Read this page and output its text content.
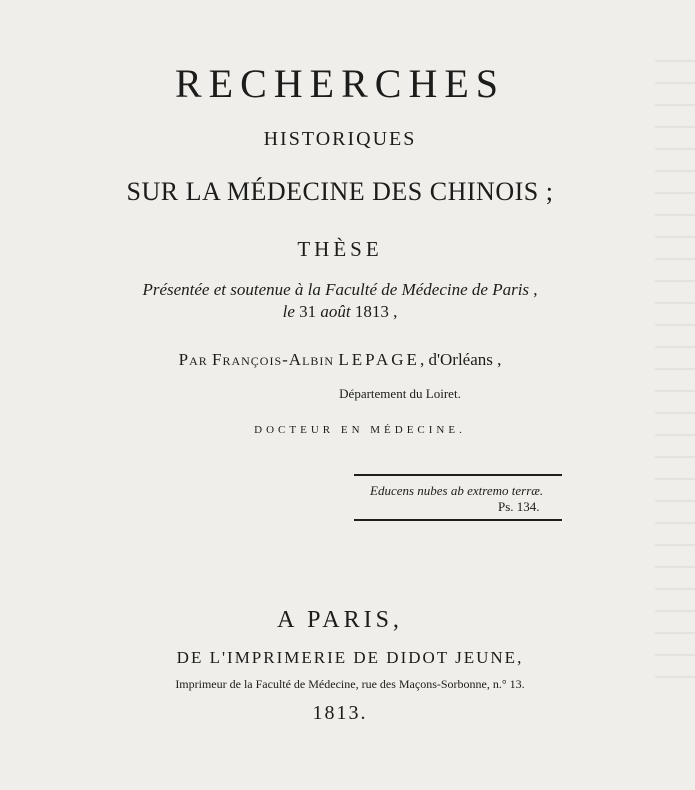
RECHERCHES
HISTORIQUES
SUR LA MÉDECINE DES CHINOIS ;
THÈSE
Présentée et soutenue à la Faculté de Médecine de Paris ,
le 31 août 1813 ,
Par François-Albin LEPAGE, d'Orléans ,
Département du Loiret.
DOCTEUR EN MÉDECINE.
Educens nubes ab extremo terræ.
Ps. 134.
A PARIS,
DE L'IMPRIMERIE DE DIDOT JEUNE,
Imprimeur de la Faculté de Médecine, rue des Maçons-Sorbonne, n.° 13.
1813.
